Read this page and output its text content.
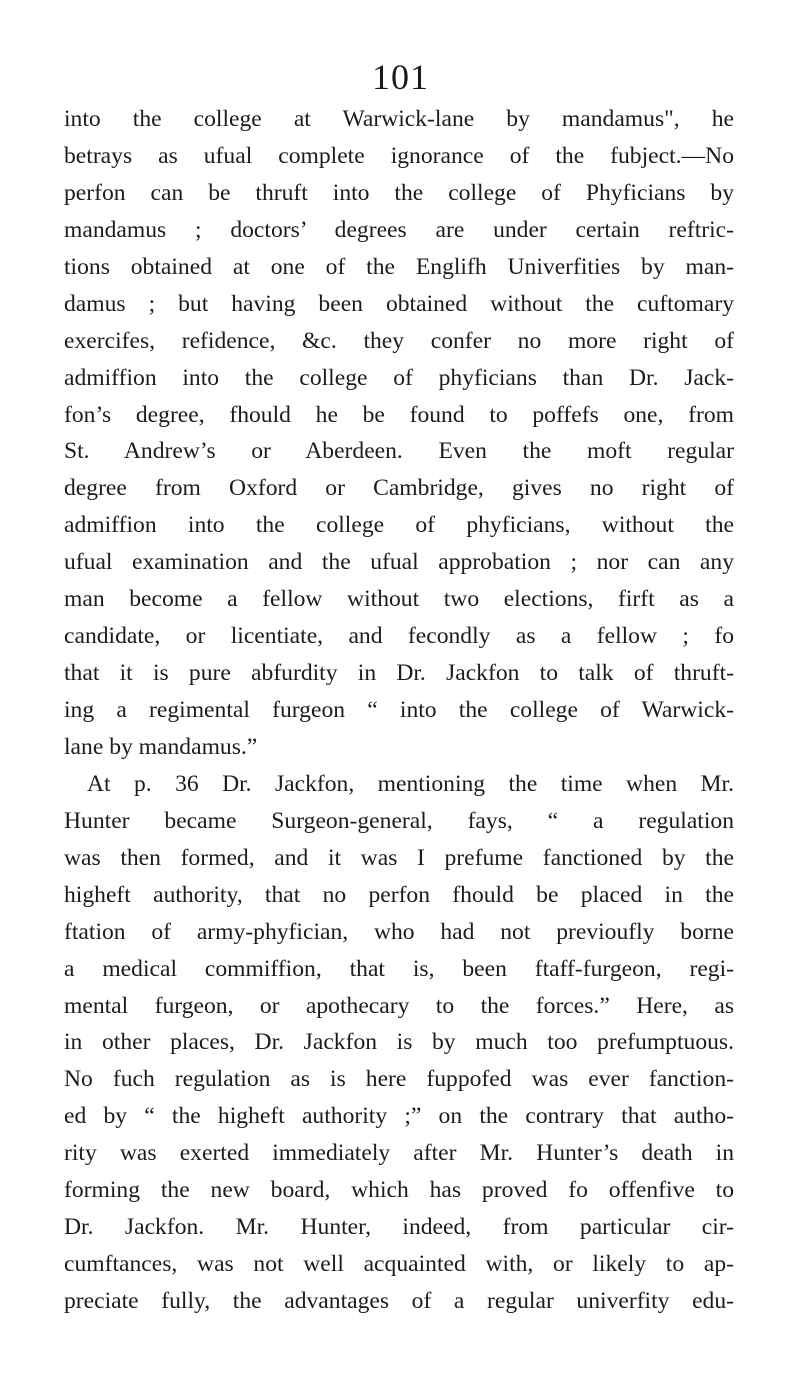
101
into the college at Warwick-lane by mandamus", he
betrays as ufual complete ignorance of the fubject.—No
perfon can be thruft into the college of Phyficians by
mandamus ; doctors’ degrees are under certain reftric-
tions obtained at one of the Englifh Univerfities by man-
damus ; but having been obtained without the cuftomary
exercifes, refidence, &c. they confer no more right of
admiffion into the college of phyficians than Dr. Jack-
fon’s degree, fhould he be found to poffefs one, from
St. Andrew’s or Aberdeen. Even the moft regular
degree from Oxford or Cambridge, gives no right of
admiffion into the college of phyficians, without the
ufual examination and the ufual approbation ; nor can any
man become a fellow without two elections, firft as a
candidate, or licentiate, and fecondly as a fellow ; fo
that it is pure abfurdity in Dr. Jackfon to talk of thruft-
ing a regimental furgeon “ into the college of Warwick-
lane by mandamus.”
At p. 36 Dr. Jackfon, mentioning the time when Mr.
Hunter became Surgeon-general, fays, “ a regulation
was then formed, and it was I prefume fanctioned by the
higheft authority, that no perfon fhould be placed in the
ftation of army-phyfician, who had not previoufly borne
a medical commiffion, that is, been ftaff-furgeon, regi-
mental furgeon, or apothecary to the forces.” Here, as
in other places, Dr. Jackfon is by much too prefumptuous.
No fuch regulation as is here fuppofed was ever fanction-
ed by “ the higheft authority ;” on the contrary that autho-
rity was exerted immediately after Mr. Hunter’s death in
forming the new board, which has proved fo offenfive to
Dr. Jackfon. Mr. Hunter, indeed, from particular cir-
cumftances, was not well acquainted with, or likely to ap-
preciate fully, the advantages of a regular univerfity edu-
